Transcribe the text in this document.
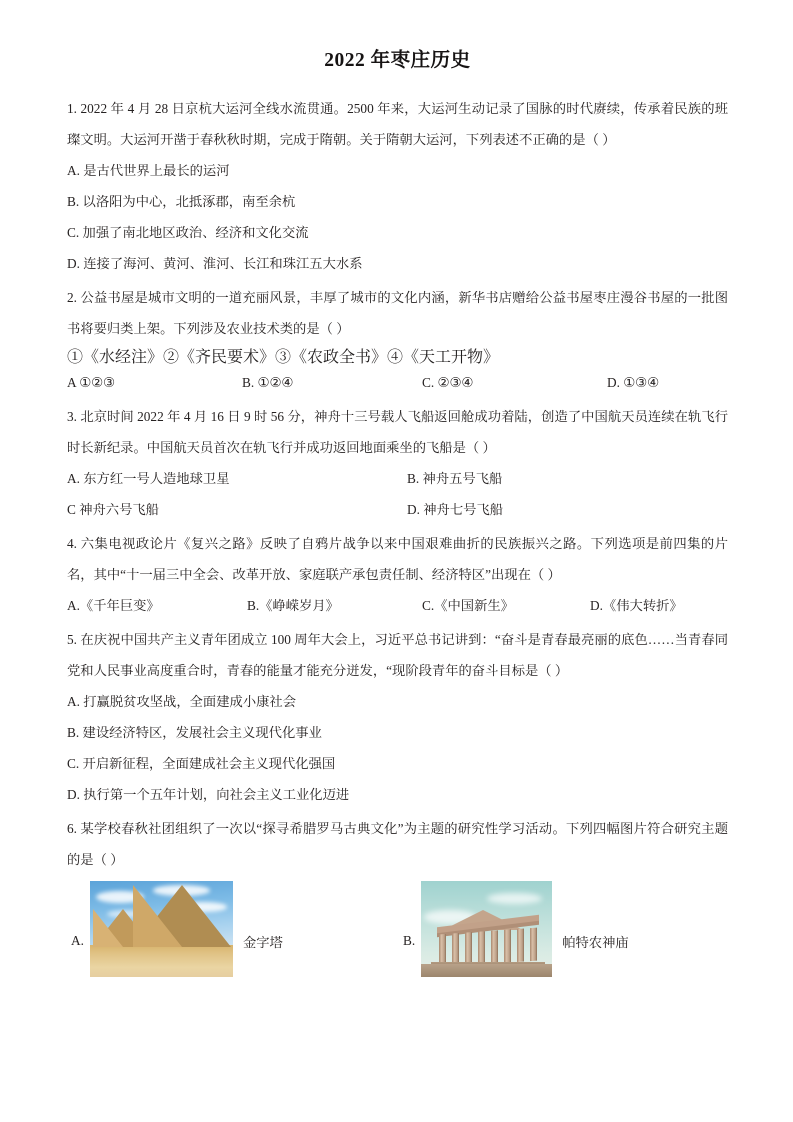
2022 年枣庄历史

1. 2022 年 4 月 28 日京杭大运河全线水流贯通。2500 年来，大运河生动记录了国脉的时代赓续，传承着民族的班璨文明。大运河开凿于春秋秋时期，完成于隋朝。关于隋朝大运河，下列表述不正确的是（ ）

A. 是古代世界上最长的运河
B. 以洛阳为中心，北抵涿郡，南至余杭
C. 加强了南北地区政治、经济和文化交流
D. 连接了海河、黄河、淮河、长江和珠江五大水系

2. 公益书屋是城市文明的一道充丽风景，丰厚了城市的文化内涵，新华书店赠给公益书屋枣庄漫谷书屋的一批图书将要归类上架。下列涉及农业技术类的是（ ）

①《水经注》②《齐民要术》③《农政全书》④《天工开物》
A ①②③	B. ①②④	C. ②③④	D. ①③④

3. 北京时间 2022 年 4 月 16 日 9 时 56 分，神舟十三号载人飞船返回舱成功着陆，创造了中国航天员连续在轨飞行时长新纪录。中国航天员首次在轨飞行并成功返回地面乘坐的飞船是（ ）

A. 东方红一号人造地球卫星	B. 神舟五号飞船
C 神舟六号飞船	D. 神舟七号飞船

4. 六集电视政论片《复兴之路》反映了自鸦片战争以来中国艰难曲折的民族振兴之路。下列选项是前四集的片名，其中“十一届三中全会、改革开放、家庭联产承包责任制、经济特区”出现在（ ）

A.《千年巨变》	B.《峥嵘岁月》	C.《中国新生》	D.《伟大转折》

5. 在庆祝中国共产主义青年团成立 100 周年大会上，习近平总书记讲到：“奋斗是青春最亮丽的底色……当青春同党和人民事业高度重合时，青春的能量才能充分迸发，“现阶段青年的奋斗目标是（ ）

A. 打赢脱贫攻坚战，全面建成小康社会
B. 建设经济特区，发展社会主义现代化事业
C. 开启新征程，全面建成社会主义现代化强国
D. 执行第一个五年计划，向社会主义工业化迈进

6. 某学校春秋社团组织了一次以“探寻希腊罗马古典文化”为主题的研究性学习活动。下列四幅图片符合研究主题的是（ ）

A.	金字塔	B.	帕特农神庙
